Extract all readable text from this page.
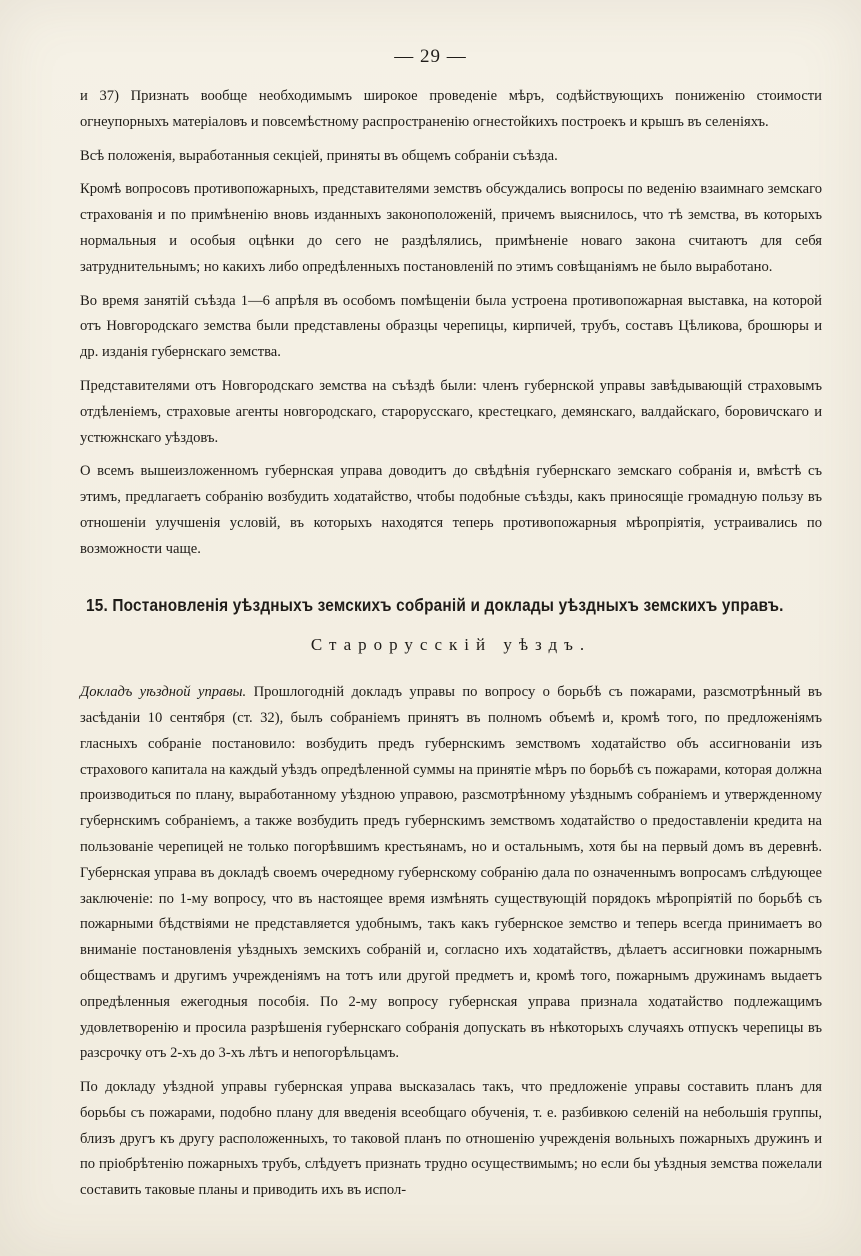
— 29 —

и 37) Признать вообще необходимымъ широкое проведеніе мѣръ, содѣйствующихъ пониженію стоимости огнеупорныхъ матеріаловъ и повсемѣстному распространенію огнестойкихъ построекъ и крышъ въ селеніяхъ.

Всѣ положенія, выработанныя секціей, приняты въ общемъ собраніи съѣзда.

Кромѣ вопросовъ противопожарныхъ, представителями земствъ обсуждались вопросы по веденію взаимнаго земскаго страхованія и по примѣненію вновь изданныхъ законоположеній, причемъ выяснилось, что тѣ земства, въ которыхъ нормальныя и особыя оцѣнки до сего не раздѣлялись, примѣненіе новаго закона считаютъ для себя затруднительнымъ; но какихъ либо опредѣленныхъ постановленій по этимъ совѣщаніямъ не было выработано.

Во время занятій съѣзда 1—6 апрѣля въ особомъ помѣщеніи была устроена противопожарная выставка, на которой отъ Новгородскаго земства были представлены образцы черепицы, кирпичей, трубъ, составъ Цѣликова, брошюры и др. изданія губернскаго земства.

Представителями отъ Новгородскаго земства на съѣздѣ были: членъ губернской управы завѣдывающій страховымъ отдѣленіемъ, страховые агенты новгородскаго, старорусскаго, крестецкаго, демянскаго, валдайскаго, боровичскаго и устюжнскаго уѣздовъ.

О всемъ вышеизложенномъ губернская управа доводитъ до свѣдѣнія губернскаго земскаго собранія и, вмѣстѣ съ этимъ, предлагаетъ собранію возбудить ходатайство, чтобы подобные съѣзды, какъ приносящіе громадную пользу въ отношеніи улучшенія условій, въ которыхъ находятся теперь противопожарныя мѣропріятія, устраивались по возможности чаще.

15. Постановленія уѣздныхъ земскихъ собраній и доклады уѣздныхъ земскихъ управъ.
Старорусскій уѣздъ.

Докладъ уѣздной управы. Прошлогодній докладъ управы по вопросу о борьбѣ съ пожарами, разсмотрѣнный въ засѣданіи 10 сентября (ст. 32), былъ собраніемъ принятъ въ полномъ объемѣ и, кромѣ того, по предложеніямъ гласныхъ собраніе постановило: возбудить предъ губернскимъ земствомъ ходатайство объ ассигнованіи изъ страхового капитала на каждый уѣздъ опредѣленной суммы на принятіе мѣръ по борьбѣ съ пожарами, которая должна производиться по плану, выработанному уѣздною управою, разсмотрѣнному уѣзднымъ собраніемъ и утвержденному губернскимъ собраніемъ, а также возбудить предъ губернскимъ земствомъ ходатайство о предоставленіи кредита на пользованіе черепицей не только погорѣвшимъ крестьянамъ, но и остальнымъ, хотя бы на первый домъ въ деревнѣ. Губернская управа въ докладѣ своемъ очередному губернскому собранію дала по означеннымъ вопросамъ слѣдующее заключеніе: по 1-му вопросу, что въ настоящее время измѣнять существующій порядокъ мѣропріятій по борьбѣ съ пожарными бѣдствіями не представляется удобнымъ, такъ какъ губернское земство и теперь всегда принимаетъ во вниманіе постановленія уѣздныхъ земскихъ собраній и, согласно ихъ ходатайствъ, дѣлаетъ ассигновки пожарнымъ обществамъ и другимъ учрежденіямъ на тотъ или другой предметъ и, кромѣ того, пожарнымъ дружинамъ выдаетъ опредѣленныя ежегодныя пособія. По 2-му вопросу губернская управа признала ходатайство подлежащимъ удовлетворенію и просила разрѣшенія губернскаго собранія допускать въ нѣкоторыхъ случаяхъ отпускъ черепицы въ разсрочку отъ 2-хъ до 3-хъ лѣтъ и непогорѣльцамъ.

По докладу уѣздной управы губернская управа высказалась такъ, что предложеніе управы составить планъ для борьбы съ пожарами, подобно плану для введенія всеобщаго обученія, т. е. разбивкою селеній на небольшія группы, близъ другъ къ другу расположенныхъ, то таковой планъ по отношенію учрежденія вольныхъ пожарныхъ дружинъ и по пріобрѣтенію пожарныхъ трубъ, слѣдуетъ признать трудно осуществимымъ; но если бы уѣздныя земства пожелали составить таковые планы и приводить ихъ въ испол-
